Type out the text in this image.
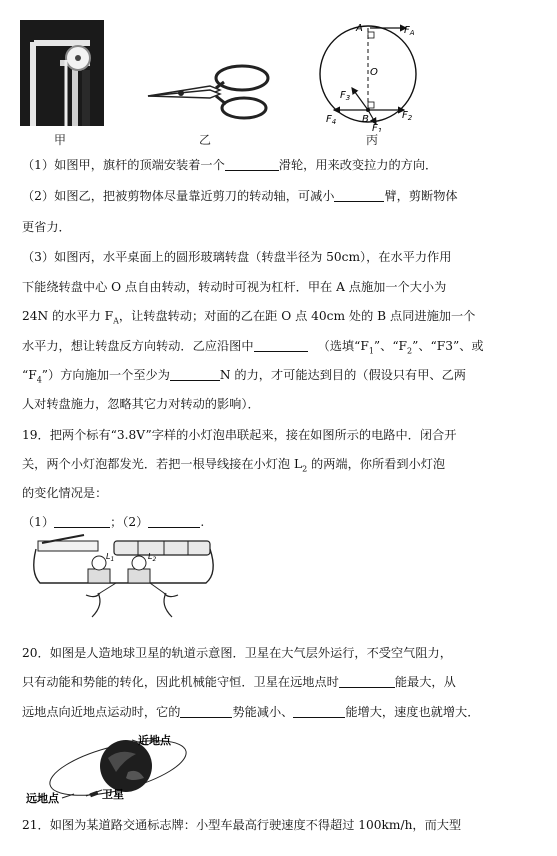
甲	乙
A
O
B
$F_A$
$F_3$
$F_2$
$F_4$
$F_1$
丙
（1）如图甲，旗杆的顶端安装着一个	滑轮，用来改变拉力的方向．
（2）如图乙，把被剪物体尽量靠近剪刀的转动轴，可减小	臂，剪断物体
更省力．
（3）如图丙，水平桌面上的圆形玻璃转盘（转盘半径为 50cm），在水平力作用
下能绕转盘中心 O 点自由转动，转动时可视为杠杆．甲在 A 点施加一个大小为
24N 的水平力 $F_A$，让转盘转动；对面的乙在距 O 点 40cm 处的 B 点同进施加一个
水平力，想让转盘反方向转动．乙应沿图中	（选填“$F_1$”、“$F_2$”、“F3”、或
“$F_4$”）方向施加一个至少为	N 的力，才可能达到目的（假设只有甲、乙两
人对转盘施力，忽略其它力对转动的影响）．
19．把两个标有“3.8V”字样的小灯泡串联起来，接在如图所示的电路中．闭合开
关，两个小灯泡都发光．若把一根导线接在小灯泡 $L_2$ 的两端，你所看到小灯泡
的变化情况是：
（1）	；（2）	.
$L_1$	$L_2$
20．如图是人造地球卫星的轨道示意图．卫星在大气层外运行，不受空气阻力，
只有动能和势能的转化，因此机械能守恒．卫星在远地点时	能最大，从
远地点向近地点运动时，它的	势能减小、	能增大，速度也就增大．
近地点
远地点	卫星
21．如图为某道路交通标志牌：小型车最高行驶速度不得超过 100km/h，而大型
